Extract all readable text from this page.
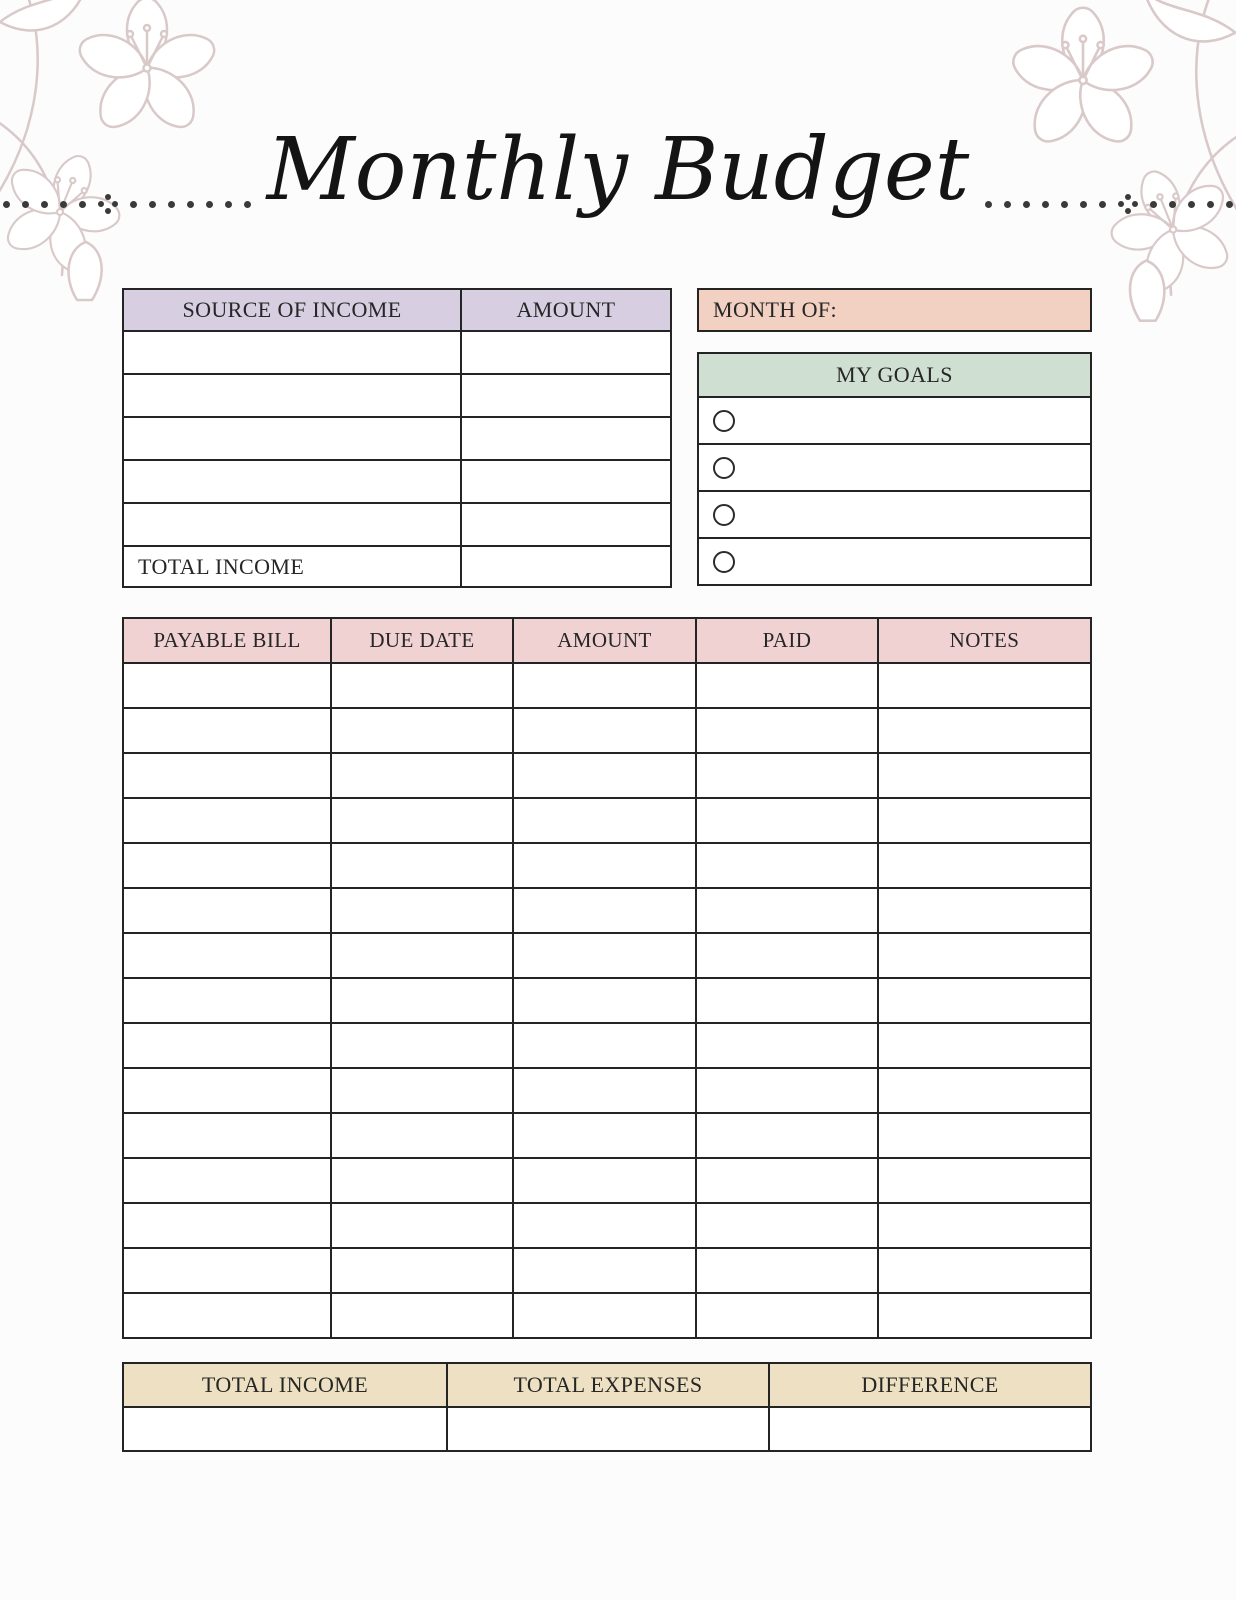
Monthly Budget
SOURCE OF INCOME	AMOUNT
TOTAL INCOME
MONTH OF:
MY GOALS
PAYABLE BILL	DUE DATE	AMOUNT	PAID	NOTES
TOTAL INCOME	TOTAL EXPENSES	DIFFERENCE
